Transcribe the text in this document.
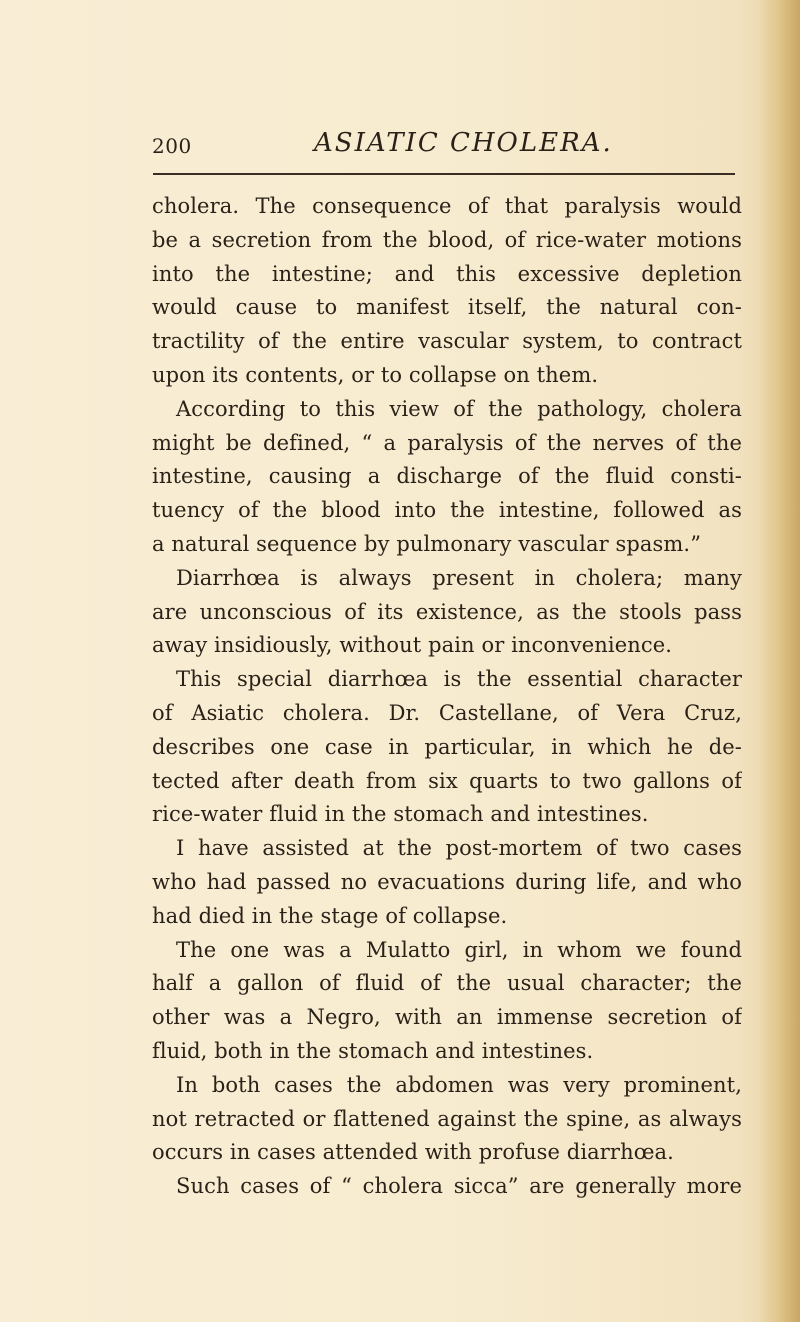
200	ASIATIC CHOLERA.
cholera. The consequence of that paralysis would
be a secretion from the blood, of rice-water motions
into the intestine; and this excessive depletion
would cause to manifest itself, the natural con-
tractility of the entire vascular system, to contract
upon its contents, or to collapse on them.
According to this view of the pathology, cholera
might be defined, “ a paralysis of the nerves of the
intestine, causing a discharge of the fluid consti-
tuency of the blood into the intestine, followed as
a natural sequence by pulmonary vascular spasm.”
Diarrhœa is always present in cholera; many
are unconscious of its existence, as the stools pass
away insidiously, without pain or inconvenience.
This special diarrhœa is the essential character
of Asiatic cholera. Dr. Castellane, of Vera Cruz,
describes one case in particular, in which he de-
tected after death from six quarts to two gallons of
rice-water fluid in the stomach and intestines.
I have assisted at the post-mortem of two cases
who had passed no evacuations during life, and who
had died in the stage of collapse.
The one was a Mulatto girl, in whom we found
half a gallon of fluid of the usual character; the
other was a Negro, with an immense secretion of
fluid, both in the stomach and intestines.
In both cases the abdomen was very prominent,
not retracted or flattened against the spine, as always
occurs in cases attended with profuse diarrhœa.
Such cases of “ cholera sicca” are generally more
